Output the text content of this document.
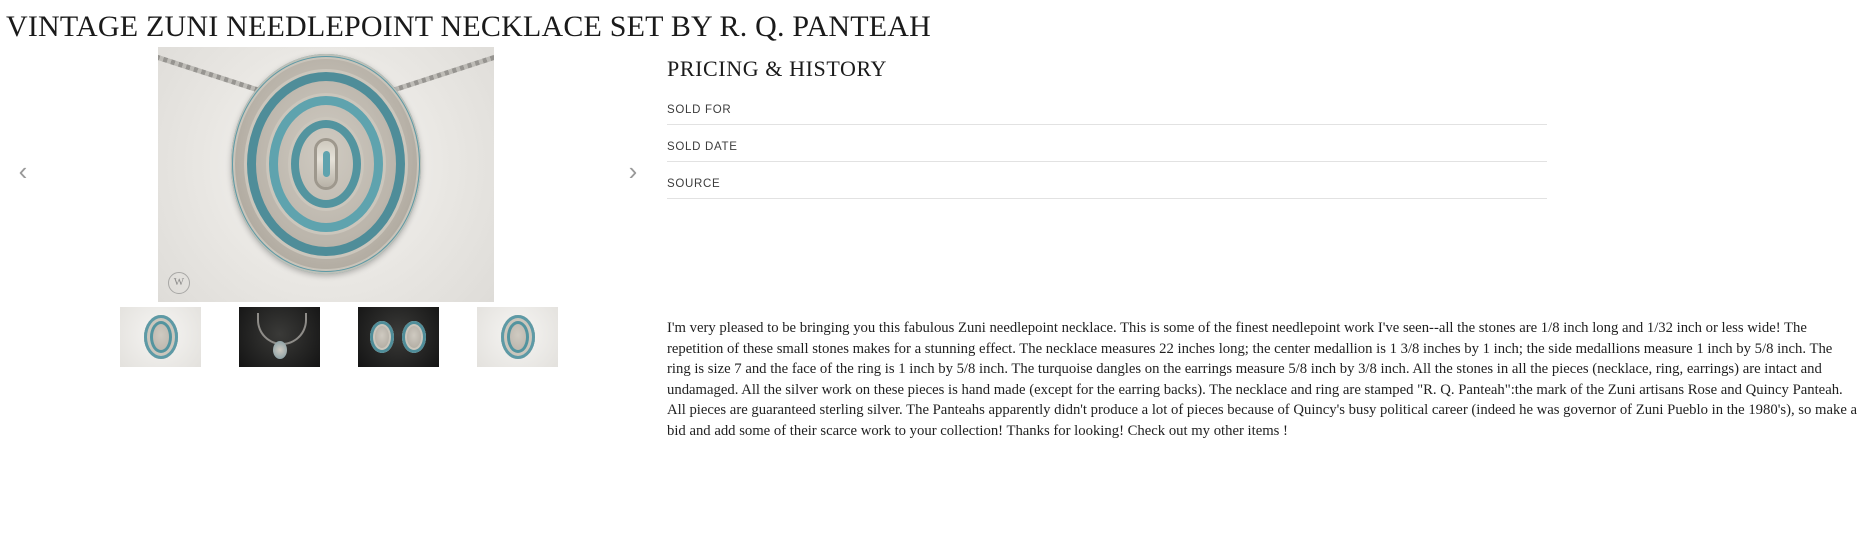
VINTAGE ZUNI NEEDLEPOINT NECKLACE SET BY R. Q. PANTEAH
‹	›
W
PRICING & HISTORY
SOLD FOR
SOLD DATE
SOURCE
I'm very pleased to be bringing you this fabulous Zuni needlepoint necklace. This is some of the finest needlepoint work I've seen--all the stones are 1/8 inch long and 1/32 inch or less wide! The repetition of these small stones makes for a stunning effect. The necklace measures 22 inches long; the center medallion is 1 3/8 inches by 1 inch; the side medallions measure 1 inch by 5/8 inch. The ring is size 7 and the face of the ring is 1 inch by 5/8 inch. The turquoise dangles on the earrings measure 5/8 inch by 3/8 inch. All the stones in all the pieces (necklace, ring, earrings) are intact and undamaged. All the silver work on these pieces is hand made (except for the earring backs). The necklace and ring are stamped "R. Q. Panteah":the mark of the Zuni artisans Rose and Quincy Panteah. All pieces are guaranteed sterling silver. The Panteahs apparently didn't produce a lot of pieces because of Quincy's busy political career (indeed he was governor of Zuni Pueblo in the 1980's), so make a bid and add some of their scarce work to your collection! Thanks for looking! Check out my other items !
